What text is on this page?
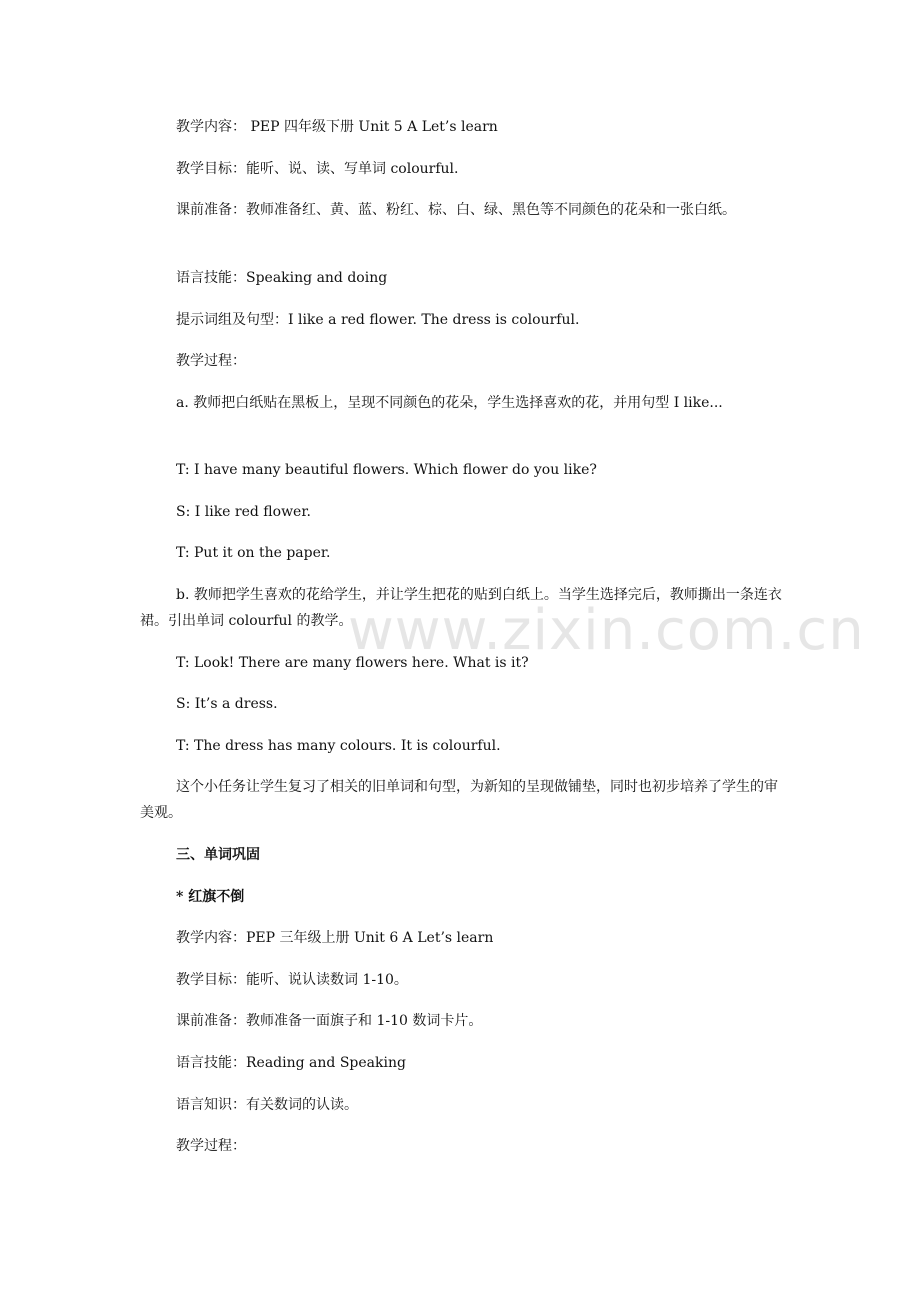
教学内容： PEP 四年级下册 Unit 5 A Let’s learn

教学目标：能听、说、读、写单词 colourful.

课前准备：教师准备红、黄、蓝、粉红、棕、白、绿、黑色等不同颜色的花朵和一张白纸。

语言技能：Speaking and doing

提示词组及句型：I like a red flower. The dress is colourful.

教学过程：

a. 教师把白纸贴在黑板上，呈现不同颜色的花朵，学生选择喜欢的花，并用句型 I like...

T: I have many beautiful flowers. Which flower do you like?

S: I like red flower.

T: Put it on the paper.

b. 教师把学生喜欢的花给学生，并让学生把花的贴到白纸上。当学生选择完后，教师撕出一条连衣裙。引出单词 colourful 的教学。

T: Look! There are many flowers here. What is it?

S: It’s a dress.

T: The dress has many colours. It is colourful.

这个小任务让学生复习了相关的旧单词和句型，为新知的呈现做铺垫，同时也初步培养了学生的审美观。

三、单词巩固

* 红旗不倒

教学内容：PEP 三年级上册 Unit 6 A Let’s learn

教学目标：能听、说认读数词 1-10。

课前准备：教师准备一面旗子和 1-10 数词卡片。

语言技能：Reading and Speaking

语言知识：有关数词的认读。

教学过程：

www.zixin.com.cn
